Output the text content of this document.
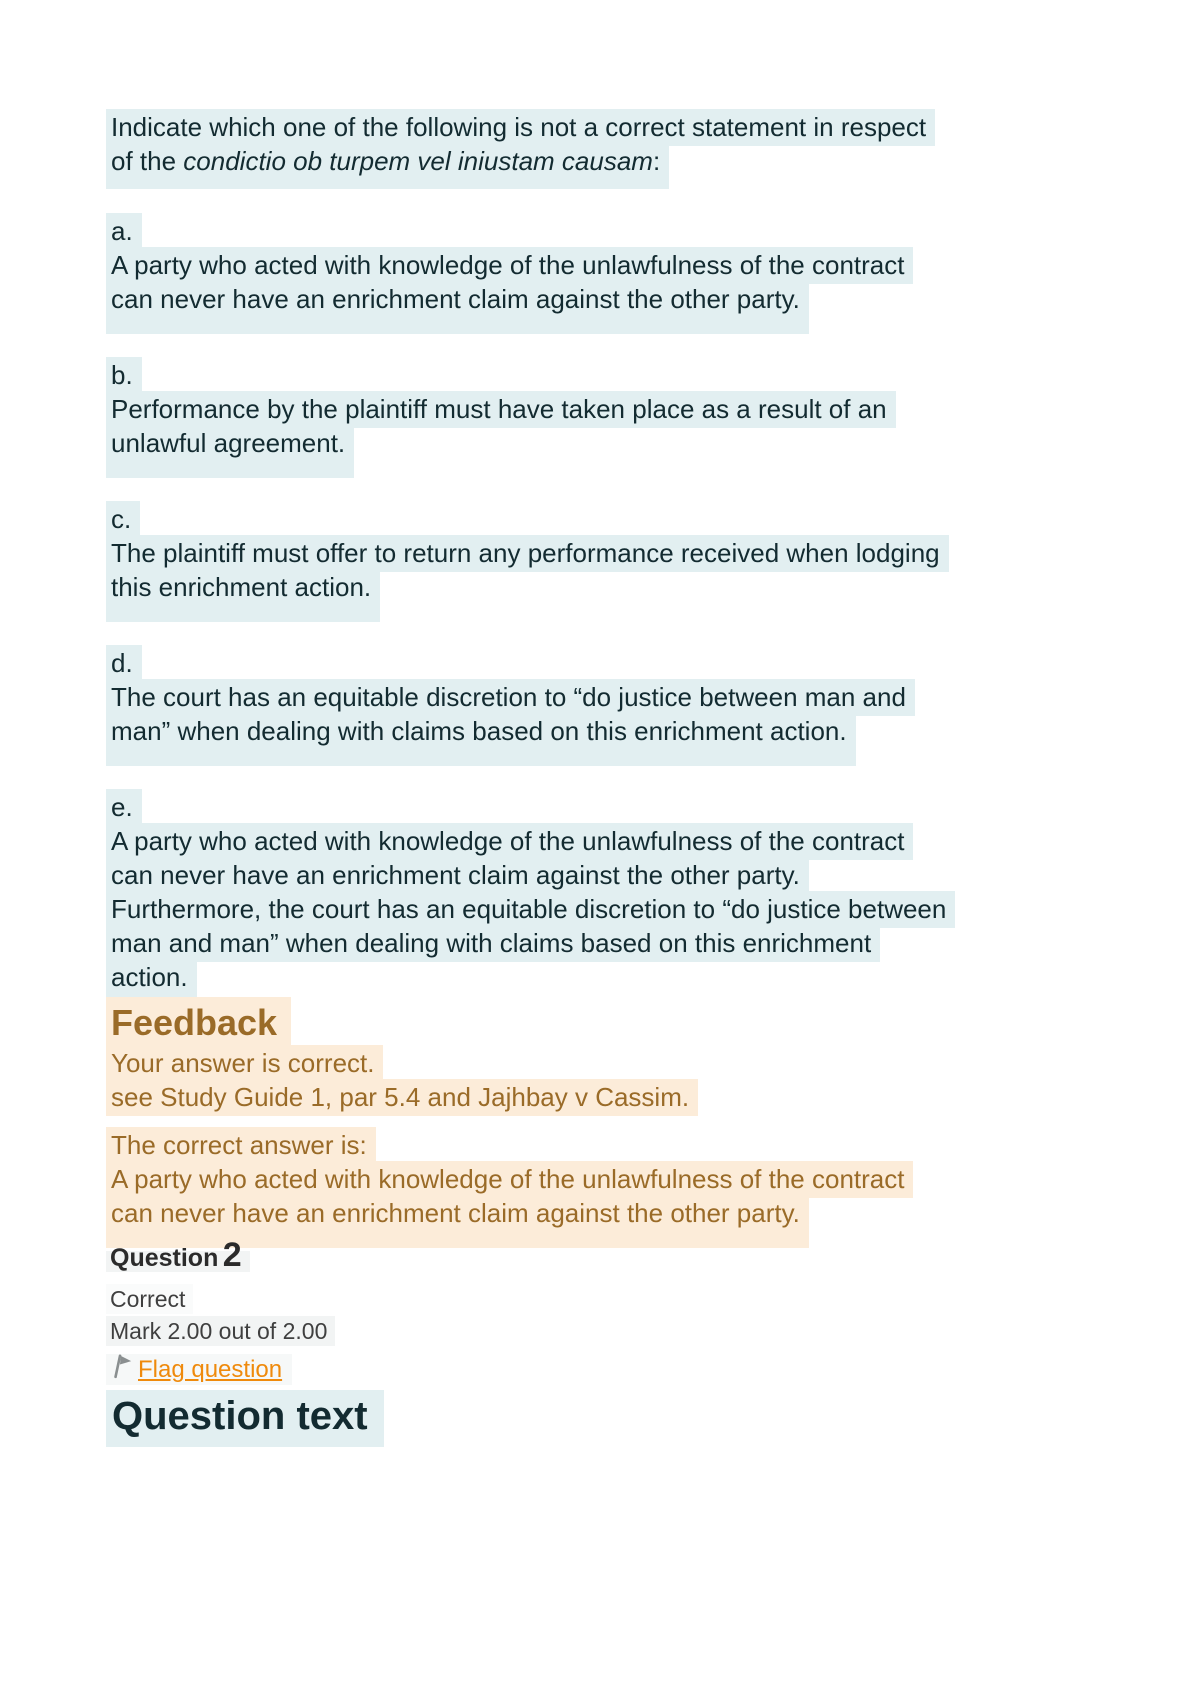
Indicate which one of the following is not a correct statement in respect
of the condictio ob turpem vel iniustam causam:

a.
A party who acted with knowledge of the unlawfulness of the contract
can never have an enrichment claim against the other party.

b.
Performance by the plaintiff must have taken place as a result of an
unlawful agreement.

c.
The plaintiff must offer to return any performance received when lodging
this enrichment action.

d.
The court has an equitable discretion to “do justice between man and
man” when dealing with claims based on this enrichment action.

e.
A party who acted with knowledge of the unlawfulness of the contract
can never have an enrichment claim against the other party.
Furthermore, the court has an equitable discretion to “do justice between
man and man” when dealing with claims based on this enrichment
action.

Feedback

Your answer is correct.
see Study Guide 1, par 5.4 and Jajhbay v Cassim.

The correct answer is:
A party who acted with knowledge of the unlawfulness of the contract
can never have an enrichment claim against the other party.

Question 2

Correct

Mark 2.00 out of 2.00

Flag question

Question text
